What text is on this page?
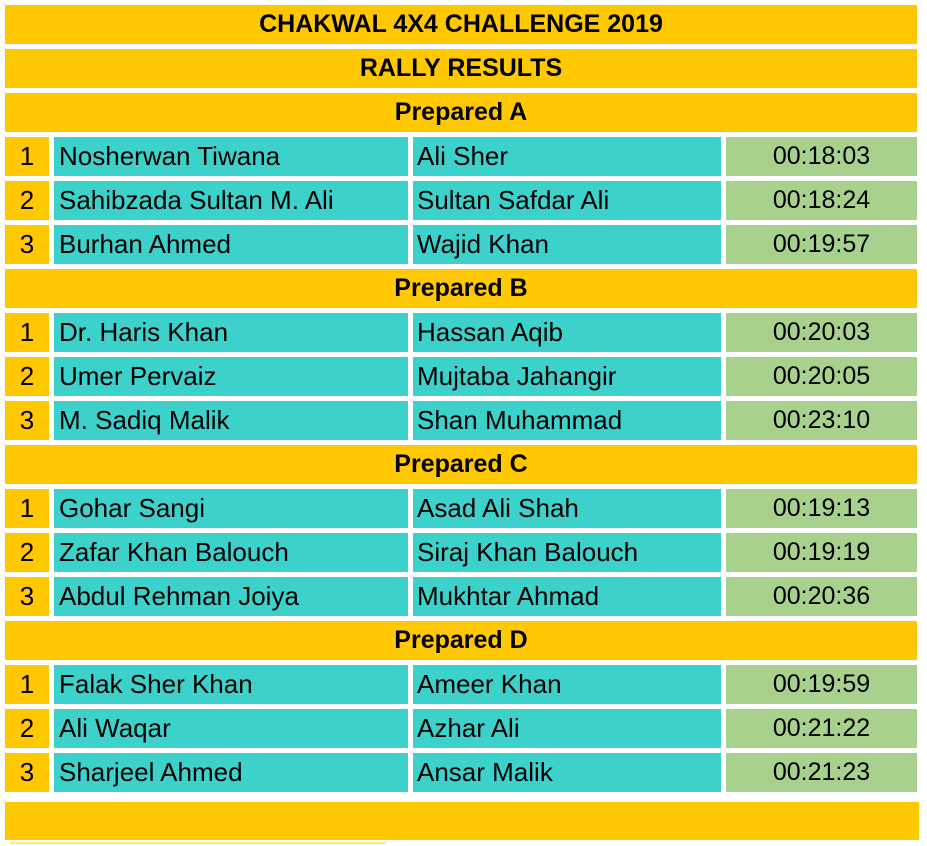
CHAKWAL 4X4 CHALLENGE 2019
RALLY RESULTS
Prepared A
1 Nosherwan Tiwana	Ali Sher	00:18:03
2 Sahibzada Sultan M. Ali	Sultan Safdar Ali	00:18:24
3 Burhan Ahmed	Wajid Khan	00:19:57
Prepared B
1 Dr. Haris Khan	Hassan Aqib	00:20:03
2 Umer Pervaiz	Mujtaba Jahangir	00:20:05
3 M. Sadiq Malik	Shan Muhammad	00:23:10
Prepared C
1 Gohar Sangi	Asad Ali Shah	00:19:13
2 Zafar Khan Balouch	Siraj Khan Balouch	00:19:19
3 Abdul Rehman Joiya	Mukhtar Ahmad	00:20:36
Prepared D
1 Falak Sher Khan	Ameer Khan	00:19:59
2 Ali Waqar	Azhar Ali	00:21:22
3 Sharjeel Ahmed	Ansar Malik	00:21:23
